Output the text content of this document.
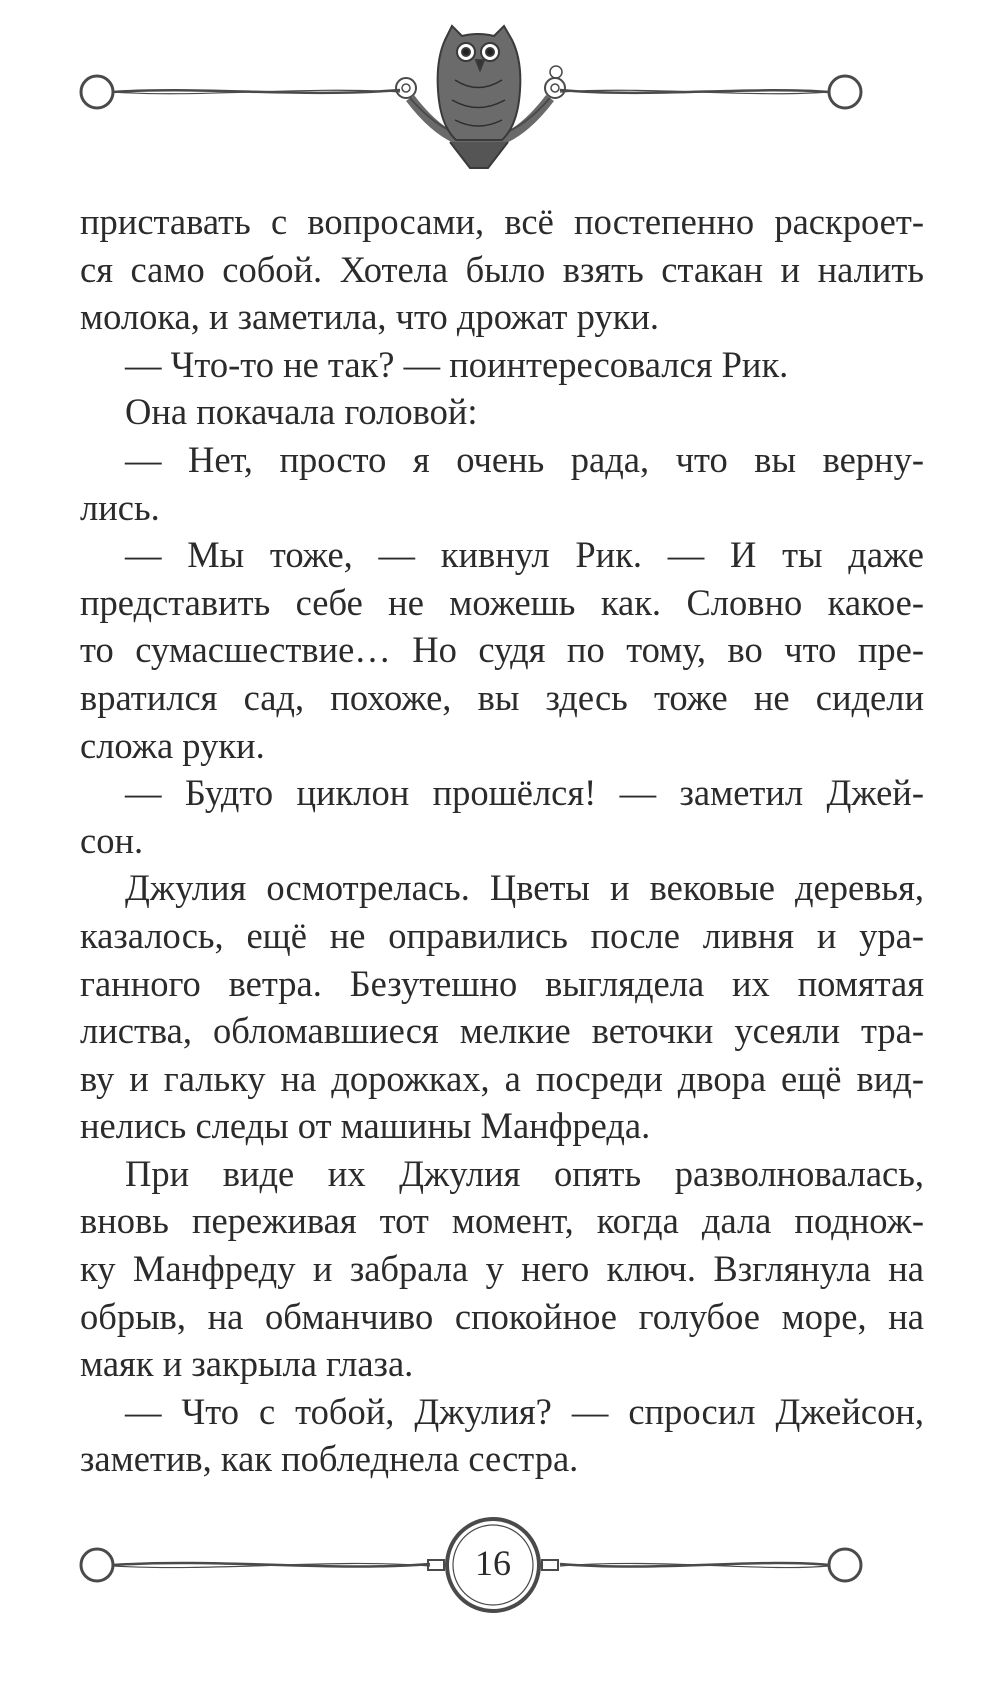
приставать с вопросами, всё постепенно раскроет-
ся само собой. Хотела было взять стакан и налить
молока, и заметила, что дрожат руки.
— Что-то не так? — поинтересовался Рик.
Она покачала головой:
— Нет, просто я очень рада, что вы верну-
лись.
— Мы тоже, — кивнул Рик. — И ты даже
представить себе не можешь как. Словно какое-
то сумасшествие… Но судя по тому, во что пре-
вратился сад, похоже, вы здесь тоже не сидели
сложа руки.
— Будто циклон прошёлся! — заметил Джей-
сон.
Джулия осмотрелась. Цветы и вековые деревья,
казалось, ещё не оправились после ливня и ура-
ганного ветра. Безутешно выглядела их помятая
листва, обломавшиеся мелкие веточки усеяли тра-
ву и гальку на дорожках, а посреди двора ещё вид-
нелись следы от машины Манфреда.
При виде их Джулия опять разволновалась,
вновь переживая тот момент, когда дала поднож-
ку Манфреду и забрала у него ключ. Взглянула на
обрыв, на обманчиво спокойное голубое море, на
маяк и закрыла глаза.
— Что с тобой, Джулия? — спросил Джейсон,
заметив, как побледнела сестра.
16
